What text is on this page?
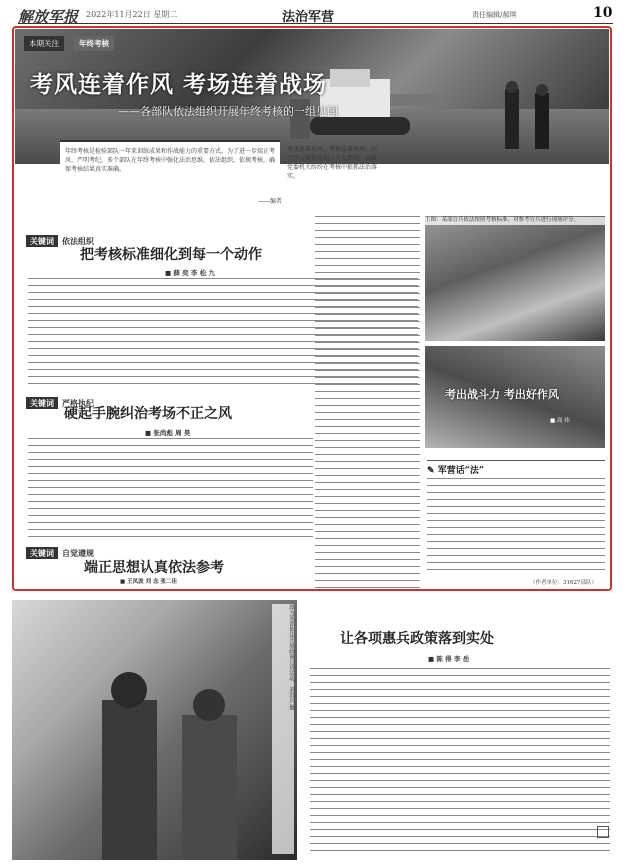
解放军报 2022年11月22日 星期二	法治军营	责任编辑/郝琪	10
本期关注	年终考核
考风连着作风 考场连着战场
——各部队依法组织开展年终考核的一组见闻
年终考核是检验部队一年来训练成果和作战能力的重要方式。为了进一步端正考风、严明考纪，多个部队在年终考核中强化法治思维，依法组织，依规考核，确保考核结果真实准确。
考风连着作风，考场连着战场。结合学习贯彻党的二十大精神，各级党委机关纷纷在考核中狠抓法治落实。
——编者
关键词 依法组织
把考核标准细化到每一个动作
■ 薛 奕 李 松 九
关键词 严格执纪
硬起手腕纠治考场不正之风
■ 张尚彪 周 昊
关键词 自觉遵规
端正思想认真依法参考
■ 王凤波 刘 念 张二佳
上图：某部官兵依法按照考核标准，对参考官兵进行现场评分。
考出战斗力 考出好作风
■ 高 伟
✎ 军营话“法”
（作者单位：31627部队）
图为某部依法开展政策宣讲活动。刘洪兵 摄	让各项惠兵政策落到实处
■ 陈 得 李 岳
